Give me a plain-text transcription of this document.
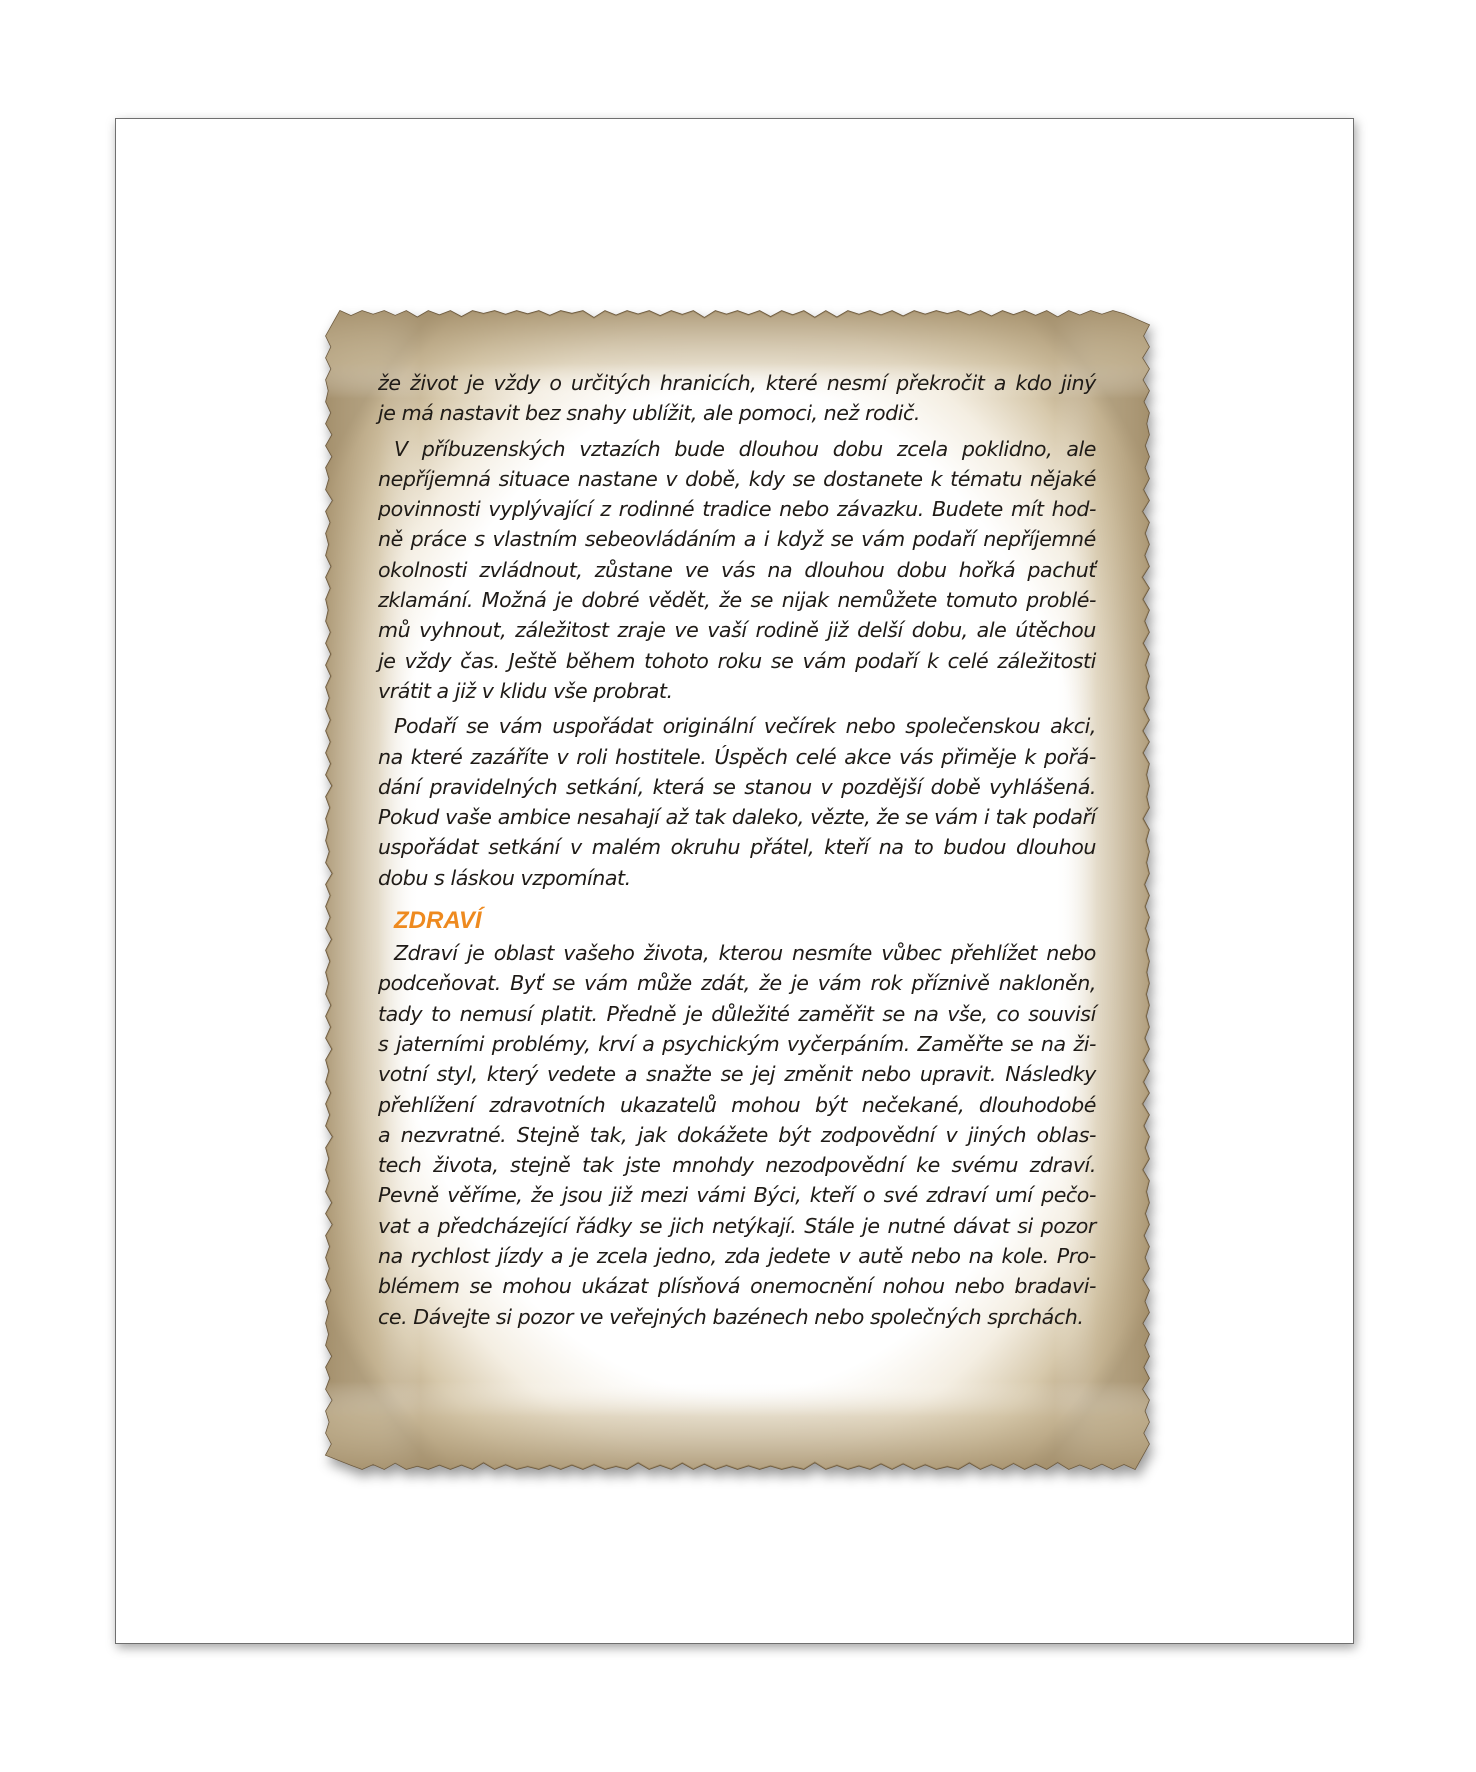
že život je vždy o určitých hranicích, které nesmí překročit a kdo jiný
je má nastavit bez snahy ublížit, ale pomoci, než rodič.
V příbuzenských vztazích bude dlouhou dobu zcela poklidno, ale
nepříjemná situace nastane v době, kdy se dostanete k tématu nějaké
povinnosti vyplývající z rodinné tradice nebo závazku. Budete mít hod-
ně práce s vlastním sebeovládáním a i když se vám podaří nepříjemné
okolnosti zvládnout, zůstane ve vás na dlouhou dobu hořká pachuť
zklamání. Možná je dobré vědět, že se nijak nemůžete tomuto problé-
mů vyhnout, záležitost zraje ve vaší rodině již delší dobu, ale útěchou
je vždy čas. Ještě během tohoto roku se vám podaří k celé záležitosti
vrátit a již v klidu vše probrat.
Podaří se vám uspořádat originální večírek nebo společenskou akci,
na které zazáříte v roli hostitele. Úspěch celé akce vás přiměje k pořá-
dání pravidelných setkání, která se stanou v pozdější době vyhlášená.
Pokud vaše ambice nesahají až tak daleko, vězte, že se vám i tak podaří
uspořádat setkání v malém okruhu přátel, kteří na to budou dlouhou
dobu s láskou vzpomínat.
ZDRAVÍ
Zdraví je oblast vašeho života, kterou nesmíte vůbec přehlížet nebo
podceňovat. Byť se vám může zdát, že je vám rok příznivě nakloněn,
tady to nemusí platit. Předně je důležité zaměřit se na vše, co souvisí
s jaterními problémy, krví a psychickým vyčerpáním. Zaměřte se na ži-
votní styl, který vedete a snažte se jej změnit nebo upravit. Následky
přehlížení zdravotních ukazatelů mohou být nečekané, dlouhodobé
a nezvratné. Stejně tak, jak dokážete být zodpovědní v jiných oblas-
tech života, stejně tak jste mnohdy nezodpovědní ke svému zdraví.
Pevně věříme, že jsou již mezi vámi Býci, kteří o své zdraví umí pečo-
vat a předcházející řádky se jich netýkají. Stále je nutné dávat si pozor
na rychlost jízdy a je zcela jedno, zda jedete v autě nebo na kole. Pro-
blémem se mohou ukázat plísňová onemocnění nohou nebo bradavi-
ce. Dávejte si pozor ve veřejných bazénech nebo společných sprchách.
